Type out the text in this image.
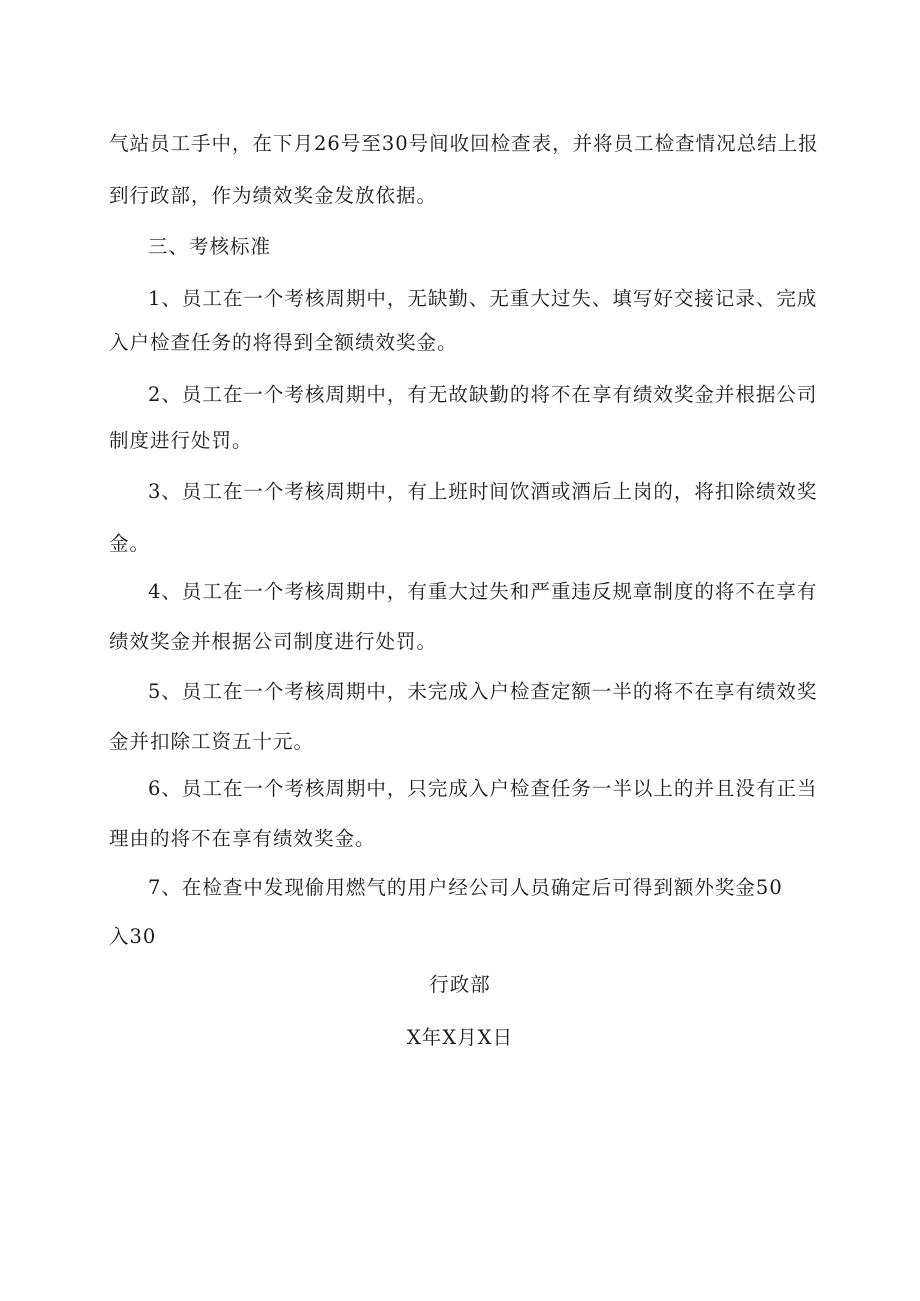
气站员工手中，在下月26号至30号间收回检查表，并将员工检查情况总结上报
到行政部，作为绩效奖金发放依据。
三、考核标准
1、员工在一个考核周期中，无缺勤、无重大过失、填写好交接记录、完成
入户检查任务的将得到全额绩效奖金。
2、员工在一个考核周期中，有无故缺勤的将不在享有绩效奖金并根据公司
制度进行处罚。
3、员工在一个考核周期中，有上班时间饮酒或酒后上岗的，将扣除绩效奖
金。
4、员工在一个考核周期中，有重大过失和严重违反规章制度的将不在享有
绩效奖金并根据公司制度进行处罚。
5、员工在一个考核周期中，未完成入户检查定额一半的将不在享有绩效奖
金并扣除工资五十元。
6、员工在一个考核周期中，只完成入户检查任务一半以上的并且没有正当
理由的将不在享有绩效奖金。
7、在检查中发现偷用燃气的用户经公司人员确定后可得到额外奖金50
入30
行政部
X年X月X日
